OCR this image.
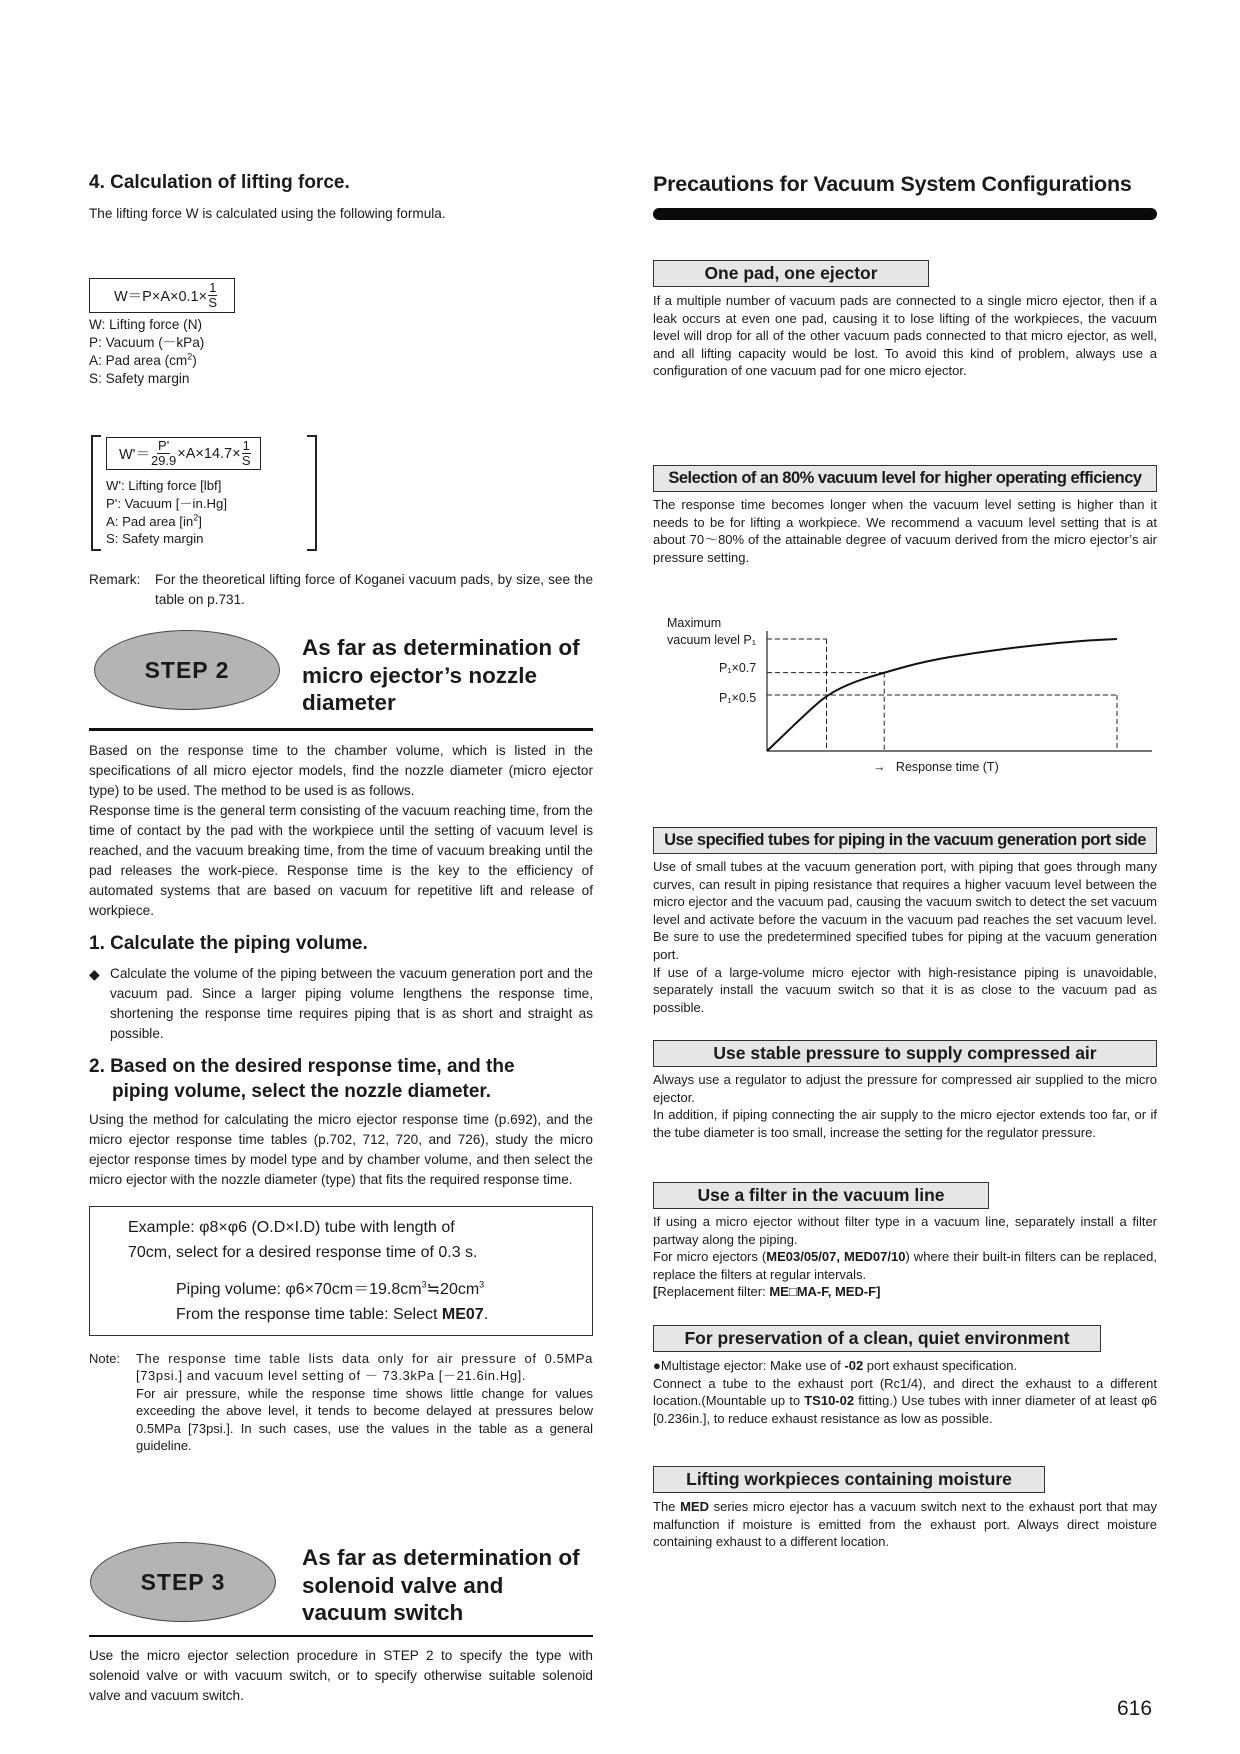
4. Calculation of lifting force.

The lifting force W is calculated using the following formula.

$W=P\times A\times 0.1\times \frac{1}{S}$
W: Lifting force (N)
P: Vacuum (－kPa)
A: Pad area $(cm^2)$
S: Safety margin
$W'= \frac{P'}{29.9} \times A\times 14.7\times \frac{1}{S}$
W': Lifting force [lbf]
P': Vacuum [－in.Hg]
A: Pad area $[in^2]$
S: Safety margin
Remark:	For the theoretical lifting force of Koganei vacuum pads, by size, see the table on p.731.
STEP 2
As far as determination of micro ejector’s nozzle diameter

Based on the response time to the chamber volume, which is listed in the specifications of all micro ejector models, find the nozzle diameter (micro ejector type) to be used. The method to be used is as follows.

Response time is the general term consisting of the vacuum reaching time, from the time of contact by the pad with the workpiece until the setting of vacuum level is reached, and the vacuum breaking time, from the time of vacuum breaking until the pad releases the work-piece. Response time is the key to the efficiency of automated systems that are based on vacuum for repetitive lift and release of workpiece.

1. Calculate the piping volume.
◆ Calculate the volume of the piping between the vacuum generation port and the vacuum pad. Since a larger piping volume lengthens the response time, shortening the response time requires piping that is as short and straight as possible.

2. Based on the desired response time, and the
piping volume, select the nozzle diameter.

Using the method for calculating the micro ejector response time (p.692), and the micro ejector response time tables (p.702, 712, 720, and 726), study the micro ejector response times by model type and by chamber volume, and then select the micro ejector with the nozzle diameter (type) that fits the required response time.

Example: φ8×φ6 (O.D×I.D) tube with length of
70cm, select for a desired response time of 0.3 s.
Piping volume: $\varphi 6\times 70cm=19.8cm^3≒20cm^3$
From the response time table: Select ME07.
Note:	The response time table lists data only for air pressure of 0.5MPa [73psi.] and vacuum level setting of － 73.3kPa [－21.6in.Hg].

For air pressure, while the response time shows little change for values exceeding the above level, it tends to become delayed at pressures below 0.5MPa [73psi.]. In such cases, use the values in the table as a general guideline.

STEP 3
As far as determination of solenoid valve and vacuum switch

Use the micro ejector selection procedure in STEP 2 to specify the type with solenoid valve or with vacuum switch, or to specify otherwise suitable solenoid valve and vacuum switch.

Precautions for Vacuum System Configurations
One pad, one ejector

If a multiple number of vacuum pads are connected to a single micro ejector, then if a leak occurs at even one pad, causing it to lose lifting of the workpieces, the vacuum level will drop for all of the other vacuum pads connected to that micro ejector, as well, and all lifting capacity would be lost. To avoid this kind of problem, always use a configuration of one vacuum pad for one micro ejector.

Selection of an 80% vacuum level for higher operating efficiency

The response time becomes longer when the vacuum level setting is higher than it needs to be for lifting a workpiece. We recommend a vacuum level setting that is at about 70～80% of the attainable degree of vacuum derived from the micro ejector’s air pressure setting.

Maximum
vacuum level P₁
P₁×0.7
P₁×0.5
→ Response time (T)
Use specified tubes for piping in the vacuum generation port side

Use of small tubes at the vacuum generation port, with piping that goes through many curves, can result in piping resistance that requires a higher vacuum level between the micro ejector and the vacuum pad, causing the vacuum switch to detect the set vacuum level and activate before the vacuum in the vacuum pad reaches the set vacuum level. Be sure to use the predetermined specified tubes for piping at the vacuum generation port.

If use of a large-volume micro ejector with high-resistance piping is unavoidable, separately install the vacuum switch so that it is as close to the vacuum pad as possible.

Use stable pressure to supply compressed air

Always use a regulator to adjust the pressure for compressed air supplied to the micro ejector.

In addition, if piping connecting the air supply to the micro ejector extends too far, or if the tube diameter is too small, increase the setting for the regulator pressure.

Use a filter in the vacuum line

If using a micro ejector without filter type in a vacuum line, separately install a filter partway along the piping.

For micro ejectors (ME03/05/07, MED07/10) where their built-in filters can be replaced, replace the filters at regular intervals.

[Replacement filter: ME□MA-F, MED-F]

For preservation of a clean, quiet environment

●Multistage ejector: Make use of -02 port exhaust specification.

Connect a tube to the exhaust port (Rc1/4), and direct the exhaust to a different location.(Mountable up to TS10-02 fitting.) Use tubes with inner diameter of at least φ6 [0.236in.], to reduce exhaust resistance as low as possible.

Lifting workpieces containing moisture

The MED series micro ejector has a vacuum switch next to the exhaust port that may malfunction if moisture is emitted from the exhaust port. Always direct moisture containing exhaust to a different location.

616
